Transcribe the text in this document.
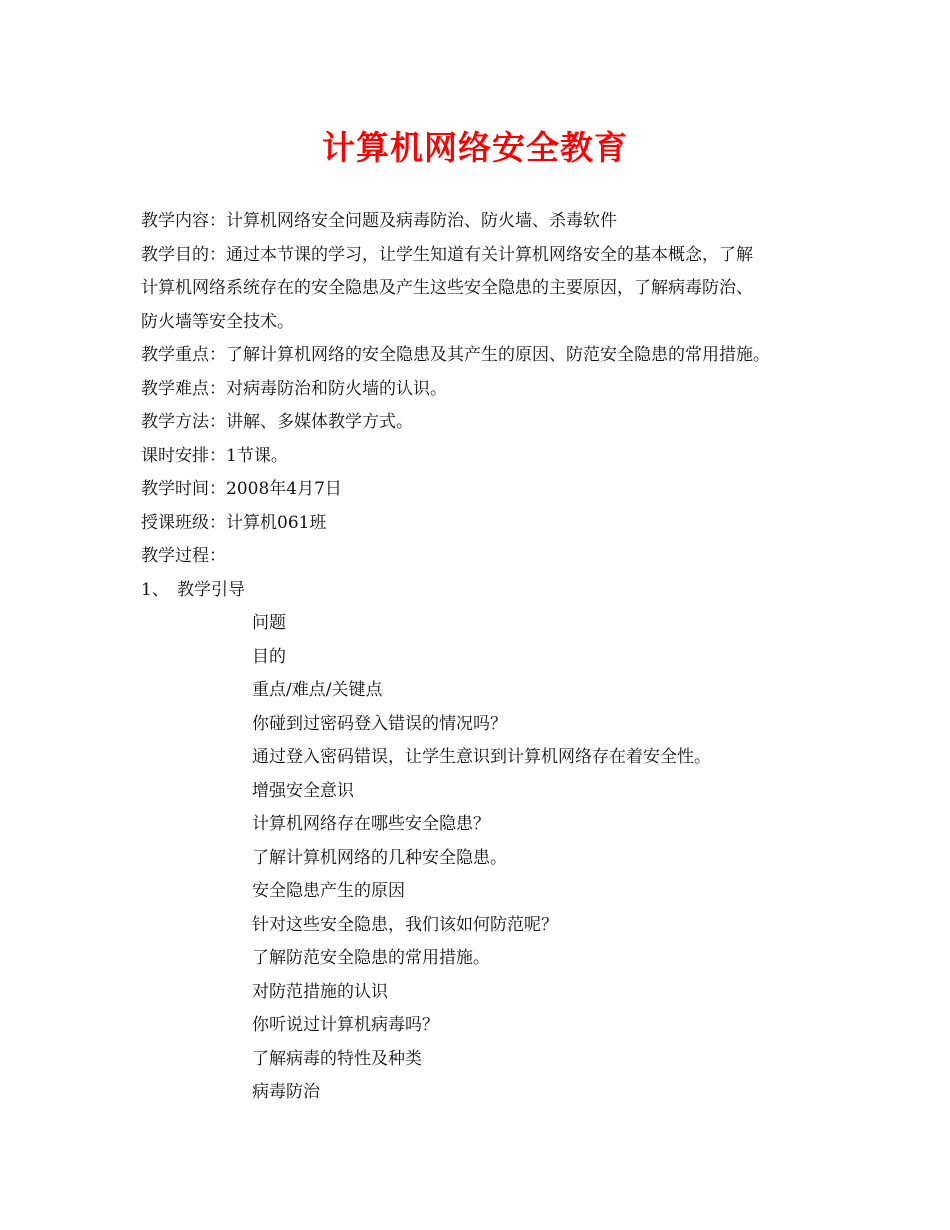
计算机网络安全教育
教学内容：计算机网络安全问题及病毒防治、防火墙、杀毒软件
教学目的：通过本节课的学习，让学生知道有关计算机网络安全的基本概念，了解
计算机网络系统存在的安全隐患及产生这些安全隐患的主要原因，了解病毒防治、
防火墙等安全技术。
教学重点：了解计算机网络的安全隐患及其产生的原因、防范安全隐患的常用措施。
教学难点：对病毒防治和防火墙的认识。
教学方法：讲解、多媒体教学方式。
课时安排：1节课。
教学时间：2008年4月7日
授课班级：计算机061班
教学过程：
1、 教学引导
问题
目的
重点/难点/关键点
你碰到过密码登入错误的情况吗？
通过登入密码错误，让学生意识到计算机网络存在着安全性。
增强安全意识
计算机网络存在哪些安全隐患？
了解计算机网络的几种安全隐患。
安全隐患产生的原因
针对这些安全隐患，我们该如何防范呢？
了解防范安全隐患的常用措施。
对防范措施的认识
你听说过计算机病毒吗？
了解病毒的特性及种类
病毒防治
